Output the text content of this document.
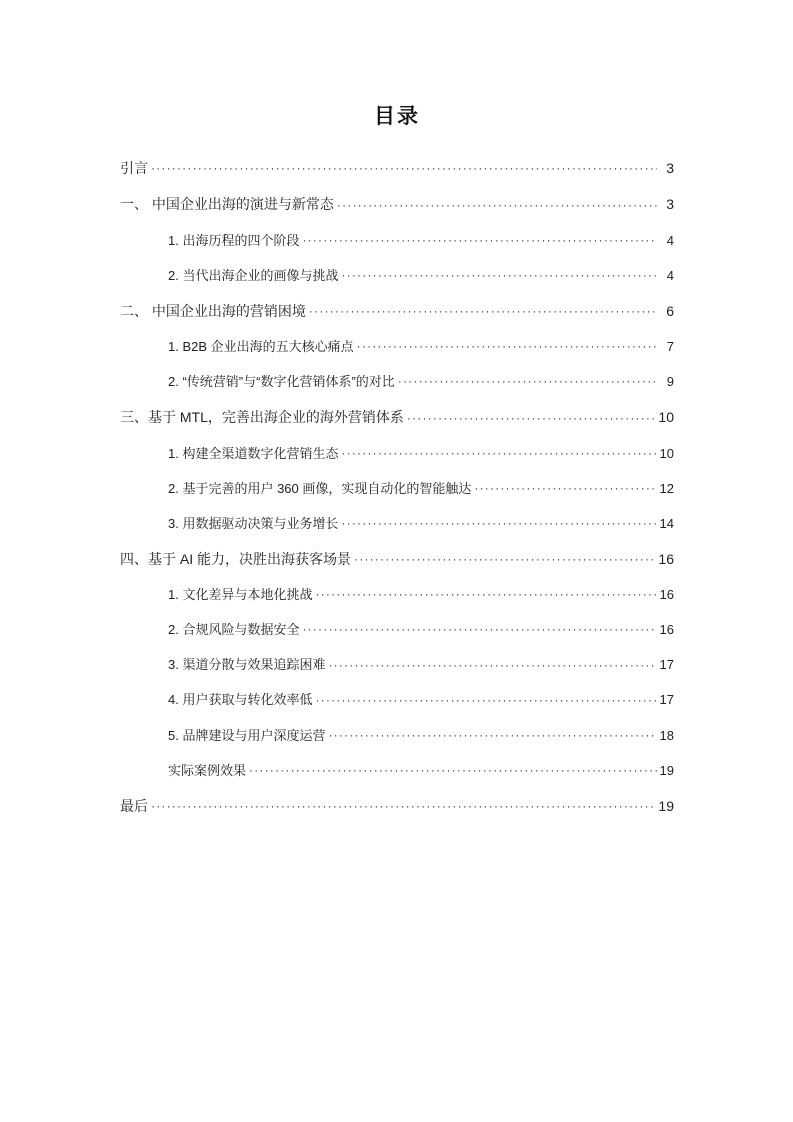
目录
引言 ·····	3
一、 中国企业出海的演进与新常态 ·····	3
1. 出海历程的四个阶段 ·····	4
2. 当代出海企业的画像与挑战 ·····	4
二、 中国企业出海的营销困境 ·····	6
1. B2B 企业出海的五大核心痛点 ·····	7
2. “传统营销”与“数字化营销体系”的对比 ·····	9
三、基于 MTL，完善出海企业的海外营销体系 ·····	10
1. 构建全渠道数字化营销生态 ·····	10
2. 基于完善的用户 360 画像，实现自动化的智能触达 ·····	12
3. 用数据驱动决策与业务增长 ·····	14
四、基于 AI 能力，决胜出海获客场景 ·····	16
1. 文化差异与本地化挑战 ·····	16
2. 合规风险与数据安全 ·····	16
3. 渠道分散与效果追踪困难 ·····	17
4. 用户获取与转化效率低 ·····	17
5. 品牌建设与用户深度运营 ·····	18
实际案例效果 ·····	19
最后 ·····	19
